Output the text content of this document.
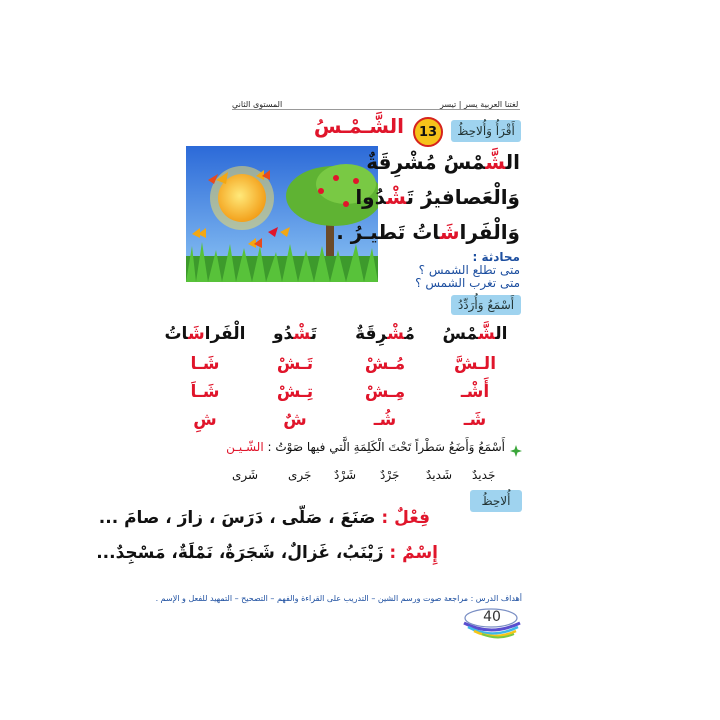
المستوى الثاني	لغتنا العربية يسر | تيسر
13
الشَّـمْـسُ	أَقْرَأُ وَأُلاحِظُ
الشَّمْسُ مُشْرِقَةٌ
وَالْعَصافيرُ تَشْدُوا
وَالْفَراشَاتُ تَطيـرُ .
محادثة :
متى تطلع الشمس ؟
متى تغرب الشمس ؟
أَسْمَعُ وَأُرَدِّدُ
الشَّمْسُ
مُشْرِقَةٌ
تَشْدُو
الْفَراشَاتُ
الـشَّ
مُـشْ
تَـشْ
شَـا
أَشْـ
مِـشْ
تِـشْ
شَـاَ
شَـ
شُـ
شٌ
شِ
أَسْمَعُ وَأَضَعُ سَطْراً تَحْتَ الْكَلِمَةِ الَّتي فيها صَوْتُ : الشّـيـن
جَديدٌ
شَديدٌ
جَرْدٌ
شَرْدٌ
جَرى
شَرى
أُلاحِظُ
فِعْلٌ : صَنَعَ ، صَلّى ، دَرَسَ ، زارَ ، صامَ ...
إِسْمٌ : زَيْنَبُ، غَزالٌ، شَجَرَةٌ، نَمْلَةٌ، مَسْجِدٌ...
أهداف الدرس : مراجعة صوت ورسم الشين – التدريب على القراءة والفهم – التصحيح – التمهيد للفعل و الإسم .
40
